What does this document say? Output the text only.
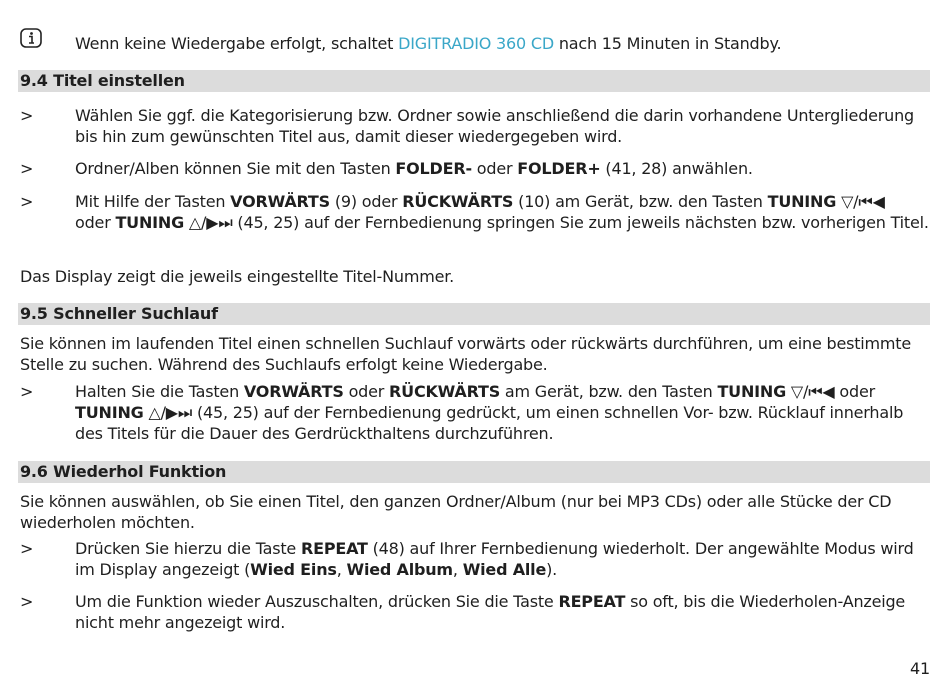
Wenn keine Wiedergabe erfolgt, schaltet DIGITRADIO 360 CD nach 15 Minuten in Standby.
9.4 Titel einstellen
>	Wählen Sie ggf. die Kategorisierung bzw. Ordner sowie anschließend die darin vorhandene Untergliederung bis hin zum gewünschten Titel aus, damit dieser wiedergegeben wird.
>	Ordner/Alben können Sie mit den Tasten FOLDER- oder FOLDER+ (41, 28) anwählen.
>	Mit Hilfe der Tasten VORWÄRTS (9) oder RÜCKWÄRTS (10) am Gerät, bzw. den Tasten TUNING ▽/⏮◀
oder TUNING △/▶⏭ (45, 25) auf der Fernbedienung springen Sie zum jeweils nächsten bzw. vorherigen Titel.
Das Display zeigt die jeweils eingestellte Titel-Nummer.
9.5 Schneller Suchlauf
Sie können im laufenden Titel einen schnellen Suchlauf vorwärts oder rückwärts durchführen, um eine bestimmte Stelle zu suchen. Während des Suchlaufs erfolgt keine Wiedergabe.
>	Halten Sie die Tasten VORWÄRTS oder RÜCKWÄRTS am Gerät, bzw. den Tasten TUNING ▽/⏮◀ oder
TUNING △/▶⏭ (45, 25) auf der Fernbedienung gedrückt, um einen schnellen Vor- bzw. Rücklauf innerhalb des Titels für die Dauer des Gerdrückthaltens durchzuführen.
9.6 Wiederhol Funktion
Sie können auswählen, ob Sie einen Titel, den ganzen Ordner/Album (nur bei MP3 CDs) oder alle Stücke der CD wiederholen möchten.
>	Drücken Sie hierzu die Taste REPEAT (48) auf Ihrer Fernbedienung wiederholt. Der angewählte Modus wird im Display angezeigt (Wied Eins, Wied Album, Wied Alle).
>	Um die Funktion wieder Auszuschalten, drücken Sie die Taste REPEAT so oft, bis die Wiederholen-Anzeige nicht mehr angezeigt wird.
41
